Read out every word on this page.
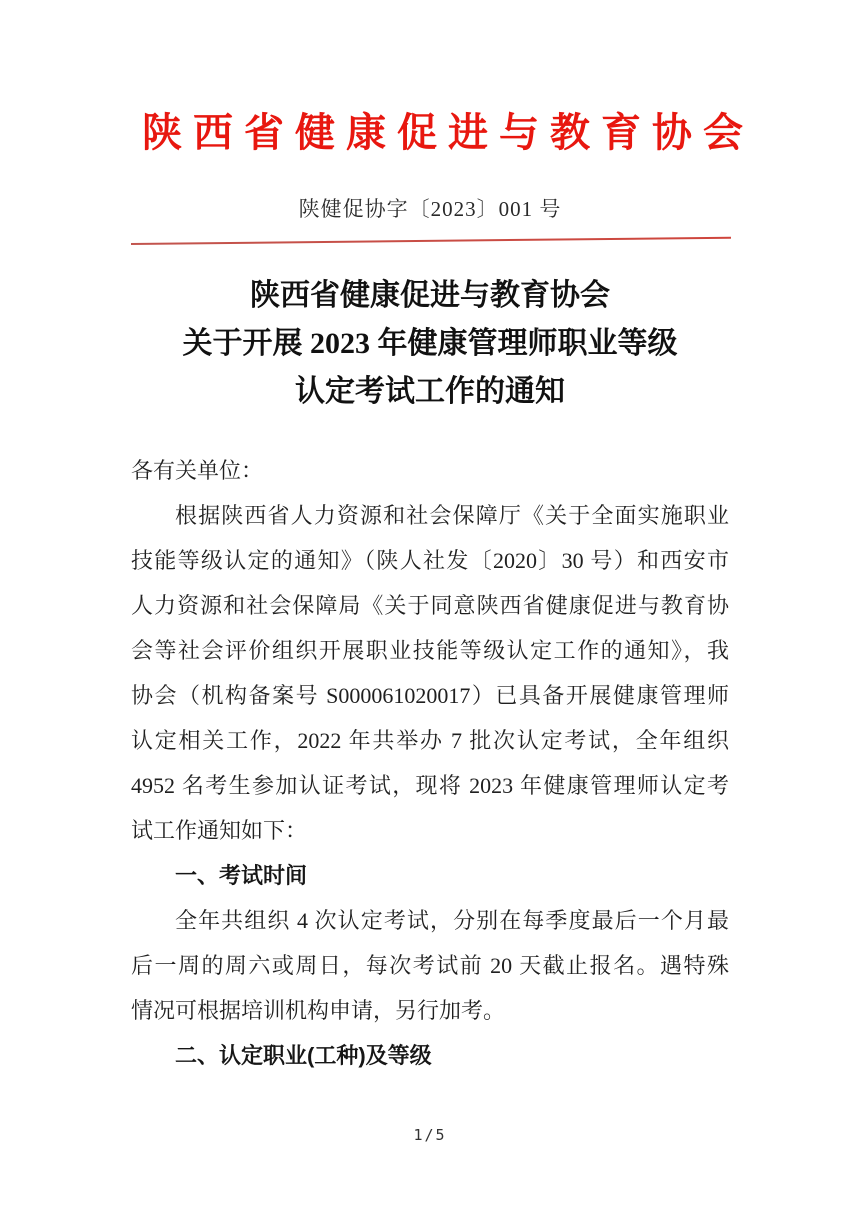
陕西省健康促进与教育协会
陕健促协字〔2023〕001 号
陕西省健康促进与教育协会
关于开展 2023 年健康管理师职业等级
认定考试工作的通知
各有关单位：
根据陕西省人力资源和社会保障厅《关于全面实施职业
技能等级认定的通知》（陕人社发〔2020〕30 号）和西安市
人力资源和社会保障局《关于同意陕西省健康促进与教育协
会等社会评价组织开展职业技能等级认定工作的通知》，我
协会（机构备案号 S000061020017）已具备开展健康管理师
认定相关工作，2022 年共举办 7 批次认定考试，全年组织
4952 名考生参加认证考试，现将 2023 年健康管理师认定考
试工作通知如下：
一、考试时间
全年共组织 4 次认定考试，分别在每季度最后一个月最
后一周的周六或周日，每次考试前 20 天截止报名。遇特殊
情况可根据培训机构申请，另行加考。
二、认定职业(工种)及等级
1/5
